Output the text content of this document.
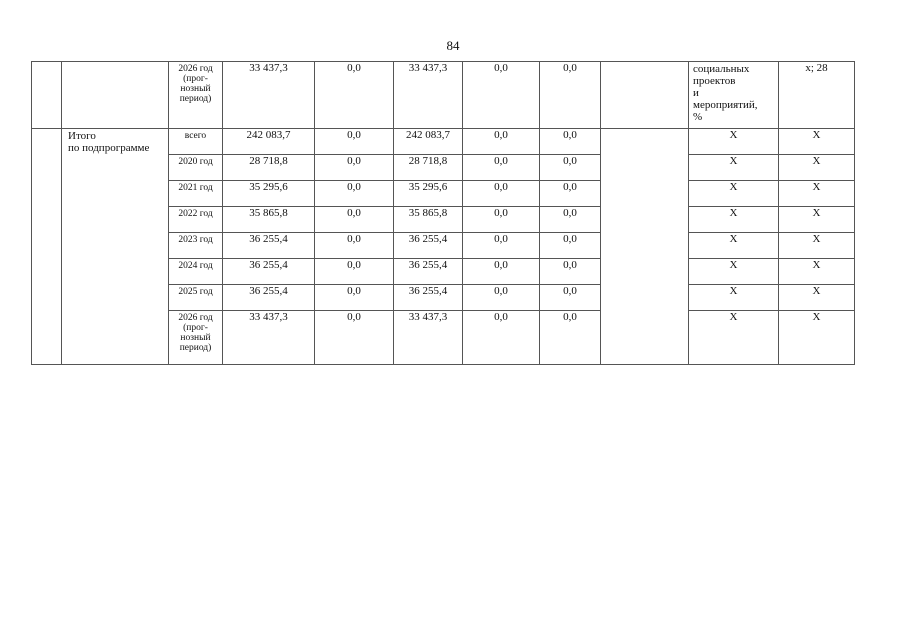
84

		2026 год
(прог-
нозный
период)	33 437,3	0,0	33 437,3	0,0	0,0		социальных
проектов
и
мероприятий,
%	х; 28

	Итого
по подпрограмме	всего	242 083,7	0,0	242 083,7	0,0	0,0		Х	Х

		2020 год	28 718,8	0,0	28 718,8	0,0	0,0		Х	Х

		2021 год	35 295,6	0,0	35 295,6	0,0	0,0		Х	Х

		2022 год	35 865,8	0,0	35 865,8	0,0	0,0		Х	Х

		2023 год	36 255,4	0,0	36 255,4	0,0	0,0		Х	Х

		2024 год	36 255,4	0,0	36 255,4	0,0	0,0		Х	Х

		2025 год	36 255,4	0,0	36 255,4	0,0	0,0		Х	Х

		2026 год
(прог-
нозный
период)	33 437,3	0,0	33 437,3	0,0	0,0		Х	Х
